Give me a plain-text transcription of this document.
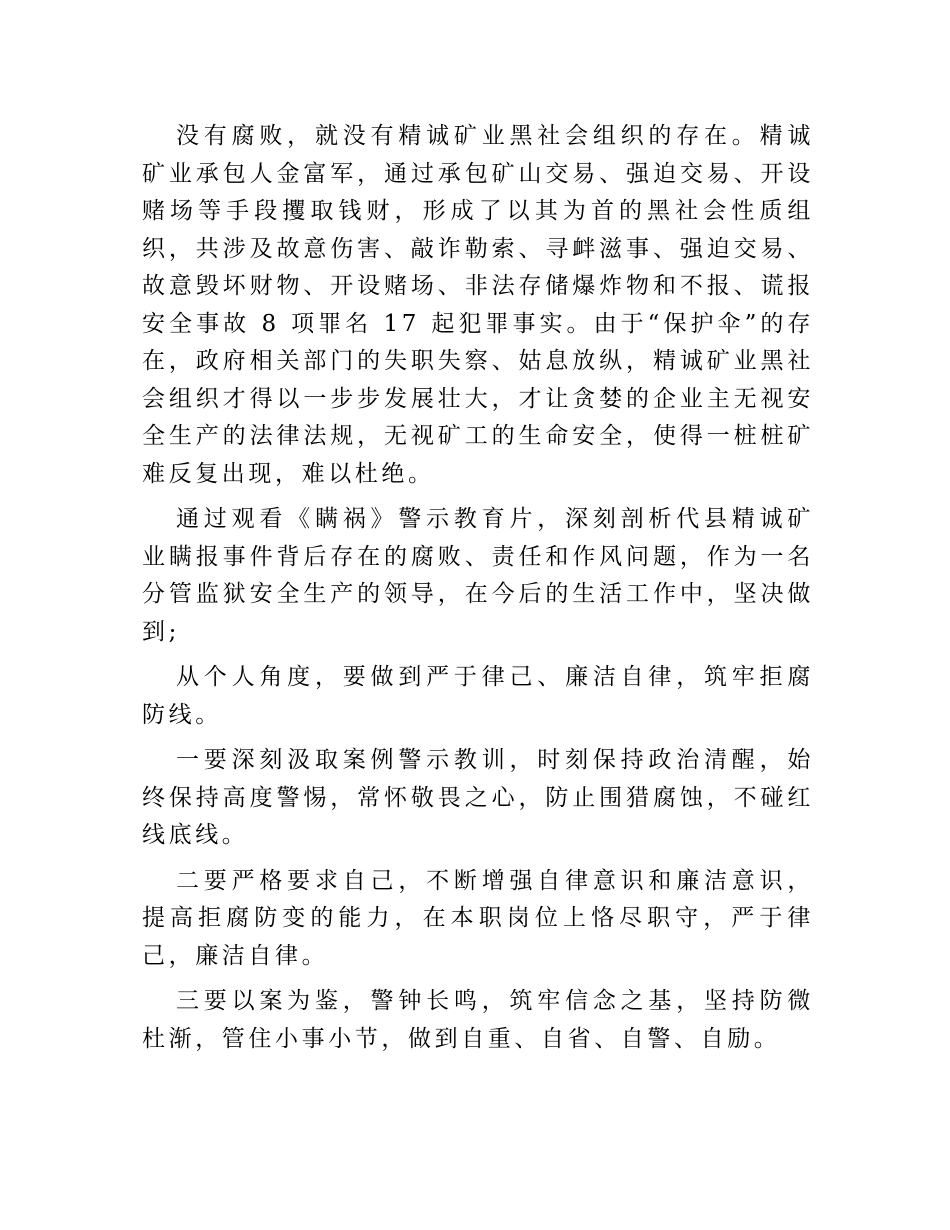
没有腐败，就没有精诚矿业黑社会组织的存在。精诚矿业承包人金富军，通过承包矿山交易、强迫交易、开设赌场等手段攫取钱财，形成了以其为首的黑社会性质组织，共涉及故意伤害、敲诈勒索、寻衅滋事、强迫交易、故意毁坏财物、开设赌场、非法存储爆炸物和不报、谎报安全事故 8 项罪名 17 起犯罪事实。由于“保护伞”的存在，政府相关部门的失职失察、姑息放纵，精诚矿业黑社会组织才得以一步步发展壮大，才让贪婪的企业主无视安全生产的法律法规，无视矿工的生命安全，使得一桩桩矿难反复出现，难以杜绝。

通过观看《瞒祸》警示教育片，深刻剖析代县精诚矿业瞒报事件背后存在的腐败、责任和作风问题，作为一名分管监狱安全生产的领导，在今后的生活工作中，坚决做到;

从个人角度，要做到严于律己、廉洁自律，筑牢拒腐防线。

一要深刻汲取案例警示教训，时刻保持政治清醒，始终保持高度警惕，常怀敬畏之心，防止围猎腐蚀，不碰红线底线。

二要严格要求自己，不断增强自律意识和廉洁意识，提高拒腐防变的能力，在本职岗位上恪尽职守，严于律己，廉洁自律。

三要以案为鉴，警钟长鸣，筑牢信念之基，坚持防微杜渐，管住小事小节，做到自重、自省、自警、自励。
